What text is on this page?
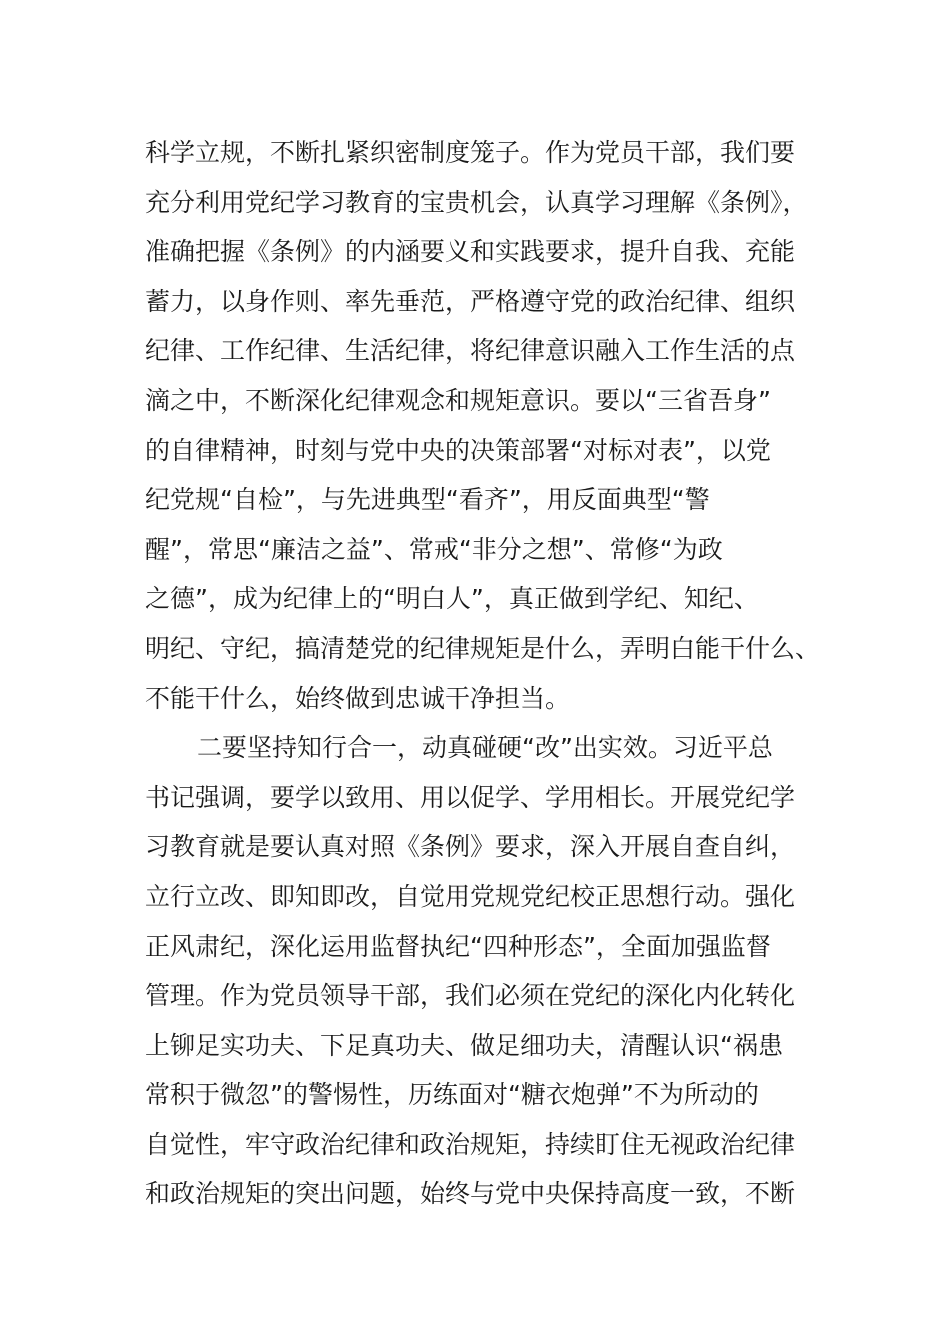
科学立规，不断扎紧织密制度笼子。作为党员干部，我们要
充分利用党纪学习教育的宝贵机会，认真学习理解《条例》，
准确把握《条例》的内涵要义和实践要求，提升自我、充能
蓄力，以身作则、率先垂范，严格遵守党的政治纪律、组织
纪律、工作纪律、生活纪律，将纪律意识融入工作生活的点
滴之中，不断深化纪律观念和规矩意识。要以“三省吾身”
的自律精神，时刻与党中央的决策部署“对标对表”，以党
纪党规“自检”，与先进典型“看齐”，用反面典型“警
醒”，常思“廉洁之益”、常戒“非分之想”、常修“为政
之德”，成为纪律上的“明白人”，真正做到学纪、知纪、
明纪、守纪，搞清楚党的纪律规矩是什么，弄明白能干什么、
不能干什么，始终做到忠诚干净担当。
二要坚持知行合一，动真碰硬“改”出实效。习近平总
书记强调，要学以致用、用以促学、学用相长。开展党纪学
习教育就是要认真对照《条例》要求，深入开展自查自纠，
立行立改、即知即改，自觉用党规党纪校正思想行动。强化
正风肃纪，深化运用监督执纪“四种形态”，全面加强监督
管理。作为党员领导干部，我们必须在党纪的深化内化转化
上铆足实功夫、下足真功夫、做足细功夫，清醒认识“祸患
常积于微忽”的警惕性，历练面对“糖衣炮弹”不为所动的
自觉性，牢守政治纪律和政治规矩，持续盯住无视政治纪律
和政治规矩的突出问题，始终与党中央保持高度一致，不断
